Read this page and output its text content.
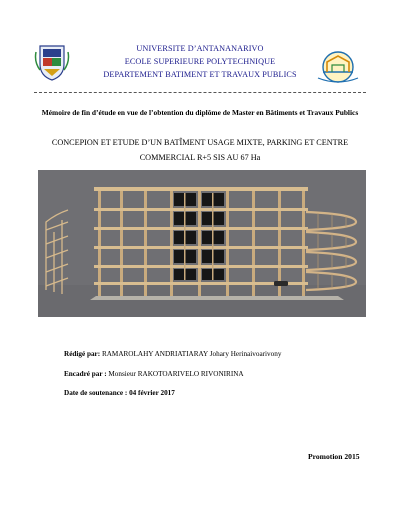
UNIVERSITE D’ANTANANARIVO
ECOLE SUPERIEURE POLYTECHNIQUE
DEPARTEMENT BATIMENT ET TRAVAUX PUBLICS
Mémoire de fin d’étude en vue de l’obtention du diplôme de Master en Bâtiments et Travaux Publics
CONCEPION ET ETUDE D’UN BATÎMENT USAGE MIXTE, PARKING ET CENTRE
COMMERCIAL R+5 SIS AU 67 Ha
Rédigé par: RAMAROLAHY ANDRIATIARAY Johary Herinaivoarivony
Encadré par : Monsieur RAKOTOARIVELO RIVONIRINA
Date de soutenance : 04 février 2017
Promotion 2015
